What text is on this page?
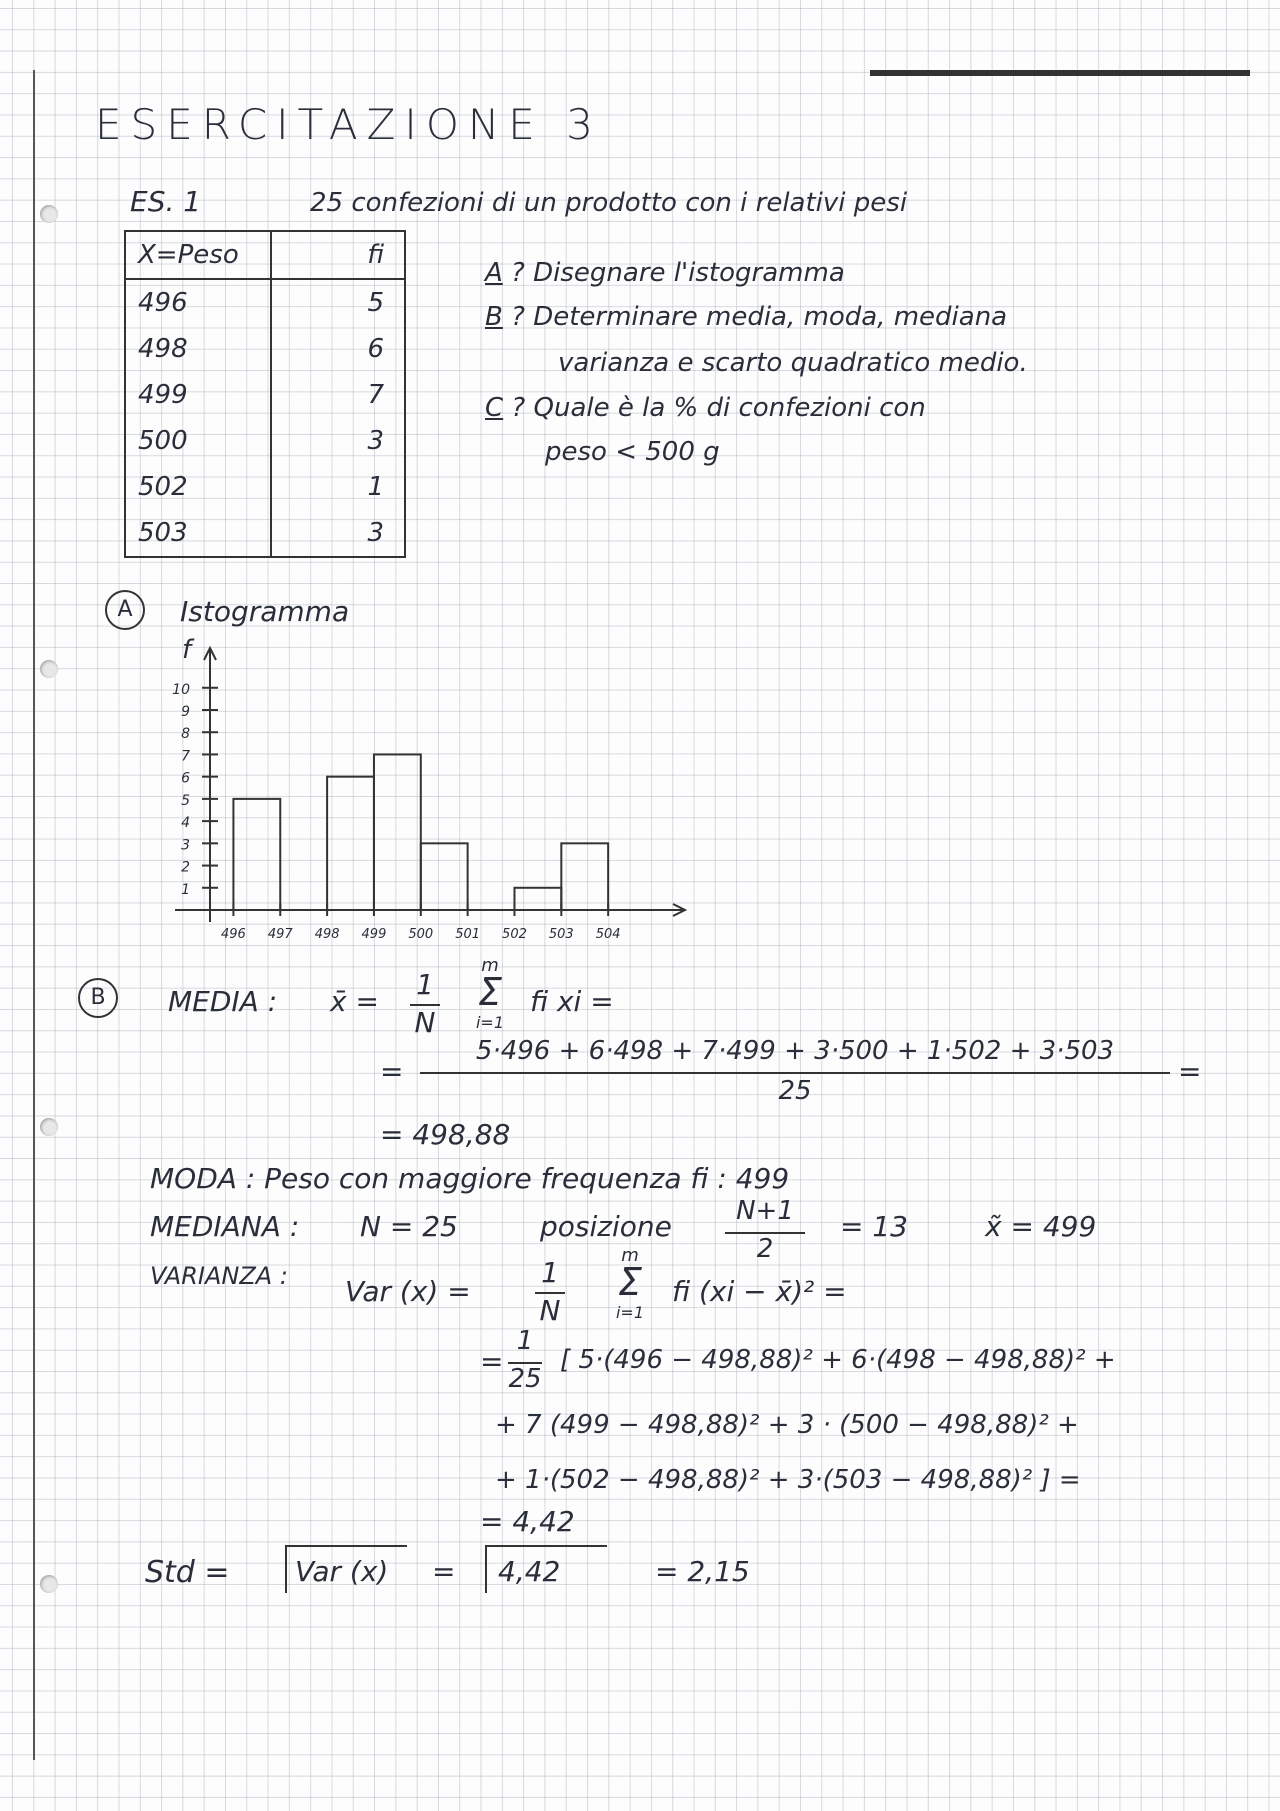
ESERCITAZIONE 3
ES. 1	25 confezioni di un prodotto con i relativi pesi
X=Peso	fi
496	5
498	6
499	7
500	3
502	1
503	3
A ? Disegnare l'istogramma
B ? Determinare media, moda, mediana
varianza e scarto quadratico medio.
C ? Quale è la % di confezioni con
peso < 500 g
A	Istogramma
f
1
2
3
4
5
6
7
8
9
10
496 497 498 499 500 501 502 503 504
B	MEDIA : x̄ =
1
N
m
Σ
i=1
fi xi =
=
5·496 + 6·498 + 7·499 + 3·500 + 1·502 + 3·503
25
=
= 498,88
MODA : Peso con maggiore frequenza fi : 499
MEDIANA : N = 25	posizione	N+1
2
= 13	x̃ = 499
VARIANZA : Var (x) =
1
N
m
Σ
i=1
fi (xi − x̄)² =
=
1
25
[ 5·(496 − 498,88)² + 6·(498 − 498,88)² +
+ 7 (499 − 498,88)² + 3 · (500 − 498,88)² +
+ 1·(502 − 498,88)² + 3·(503 − 498,88)² ] =
= 4,42
Std = Var (x) = 4,42	= 2,15
